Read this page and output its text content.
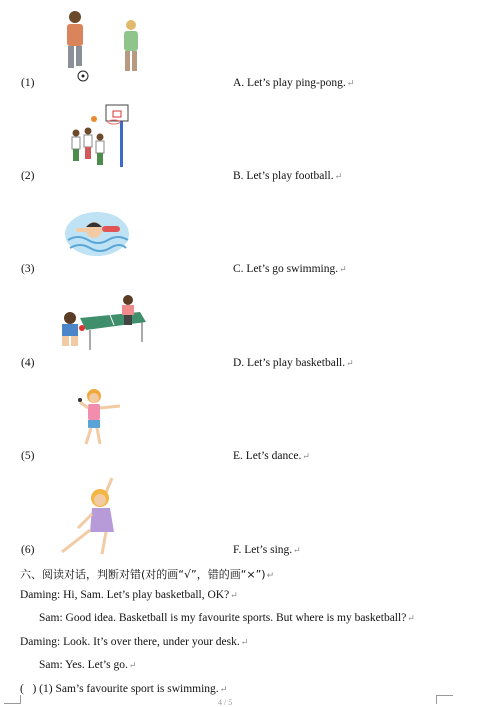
(1)	A. Let’s play ping-pong.↵
(2)	B. Let’s play football.↵
(3)	C. Let’s go swimming.↵
(4)	D. Let’s play basketball.↵
(5)	E. Let’s dance.↵
(6)	F. Let’s sing.↵
六、阅读对话，判断对错(对的画“√”，错的画“×”)↵
Daming: Hi, Sam. Let’s play basketball, OK?↵
Sam: Good idea. Basketball is my favourite sports. But where is my basketball?↵
Daming: Look. It’s over there, under your desk.↵
Sam: Yes. Let’s go.↵
(   ) (1) Sam’s favourite sport is swimming.↵
4 / 5
